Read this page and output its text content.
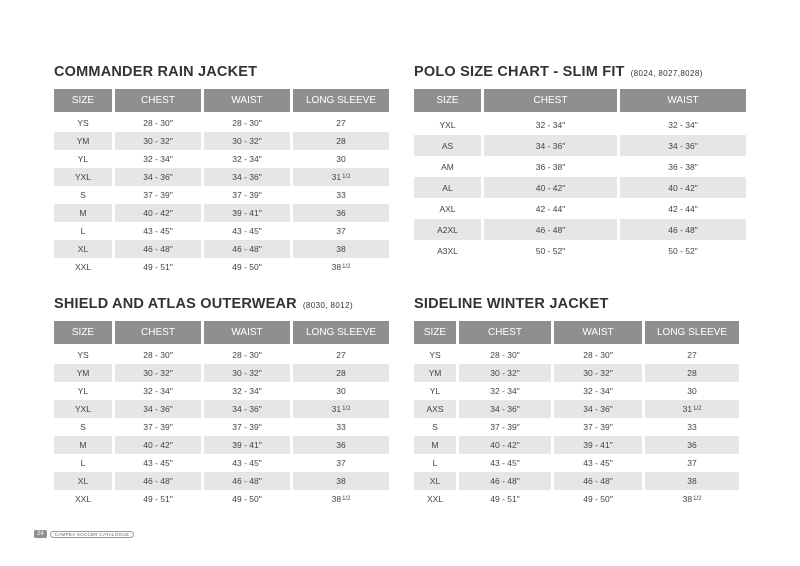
COMMANDER RAIN JACKET
SIZE	CHEST	WAIST	LONG SLEEVE
YS	28 - 30"	28 - 30"	27
YM	30 - 32"	30 - 32"	28
YL	32 - 34"	32 - 34"	30
YXL	34 - 36"	34 - 36"	31 1/2
S	37 - 39"	37 - 39"	33
M	40 - 42"	39 - 41"	36
L	43 - 45"	43 - 45"	37
XL	46 - 48"	46 - 48"	38
XXL	49 - 51"	49 - 50"	38 1/2
POLO SIZE CHART - SLIM FIT (8024, 8027,8028)
SIZE	CHEST	WAIST
YXL	32 - 34"	32 - 34"
AS	34 - 36"	34 - 36"
AM	36 - 38"	36 - 38"
AL	40 - 42"	40 - 42"
AXL	42 - 44"	42 - 44"
A2XL	46 - 48"	46 - 48"
A3XL	50 - 52"	50 - 52"
SHIELD AND ATLAS OUTERWEAR (8030, 8012)
SIZE	CHEST	WAIST	LONG SLEEVE
YS	28 - 30"	28 - 30"	27
YM	30 - 32"	30 - 32"	28
YL	32 - 34"	32 - 34"	30
YXL	34 - 36"	34 - 36"	31 1/2
S	37 - 39"	37 - 39"	33
M	40 - 42"	39 - 41"	36
L	43 - 45"	43 - 45"	37
XL	46 - 48"	46 - 48"	38
XXL	49 - 51"	49 - 50"	38 1/2
SIDELINE WINTER JACKET
SIZE	CHEST	WAIST	LONG SLEEVE
YS	28 - 30"	28 - 30"	27
YM	30 - 32"	30 - 32"	28
YL	32 - 34"	32 - 34"	30
AXS	34 - 36"	34 - 36"	31 1/2
S	37 - 39"	37 - 39"	33
M	40 - 42"	39 - 41"	36
L	43 - 45"	43 - 45"	37
XL	46 - 48"	46 - 48"	38
XXL	49 - 51"	49 - 50"	38 1/2
24	CAMPEA SOCCER CATALOGUE
